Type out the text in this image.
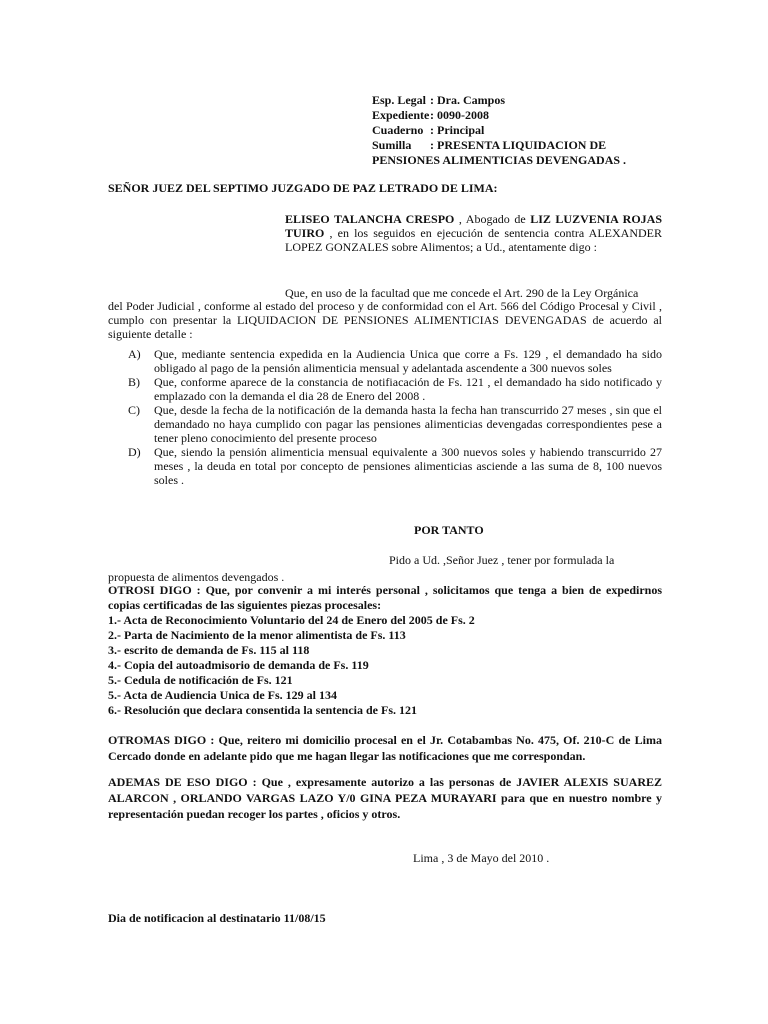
Esp. Legal : Dra. Campos
Expediente : 0090-2008
Cuaderno : Principal
Sumilla	: PRESENTA LIQUIDACION DE
PENSIONES ALIMENTICIAS DEVENGADAS .
SEÑOR JUEZ DEL SEPTIMO JUZGADO DE PAZ LETRADO DE LIMA:
ELISEO TALANCHA CRESPO , Abogado de LIZ LUZVENIA ROJAS TUIRO , en los seguidos en ejecución de sentencia contra ALEXANDER LOPEZ GONZALES sobre Alimentos; a Ud., atentamente digo :
Que, en uso de la facultad que me concede el Art. 290 de la Ley Orgánica
del Poder Judicial , conforme al estado del proceso y de conformidad con el Art. 566 del Código Procesal y Civil , cumplo con presentar la LIQUIDACION DE PENSIONES ALIMENTICIAS DEVENGADAS de acuerdo al siguiente detalle :
A) Que, mediante sentencia expedida en la Audiencia Unica que corre a Fs. 129 , el demandado ha sido obligado al pago de la pensión alimenticia mensual y adelantada ascendente a 300 nuevos soles
B) Que, conforme aparece de la constancia de notifiacación de Fs. 121 , el demandado ha sido notificado y emplazado con la demanda el dia 28 de Enero del 2008 .
C) Que, desde la fecha de la notificación de la demanda hasta la fecha han transcurrido 27 meses , sin que el demandado no haya cumplido con pagar las pensiones alimenticias devengadas correspondientes pese a tener pleno conocimiento del presente proceso
D) Que, siendo la pensión alimenticia mensual equivalente a 300 nuevos soles y habiendo transcurrido 27 meses , la deuda en total por concepto de pensiones alimenticias asciende a las suma de 8, 100 nuevos soles .
POR TANTO
Pido a Ud. ,Señor Juez , tener por formulada la
propuesta de alimentos devengados .
OTROSI DIGO : Que, por convenir a mi interés personal , solicitamos que tenga a bien de expedirnos copias certificadas de las siguientes piezas procesales:
1.- Acta de Reconocimiento Voluntario del 24 de Enero del 2005 de Fs. 2
2.- Parta de Nacimiento de la menor alimentista de Fs. 113
3.- escrito de demanda de Fs. 115 al 118
4.- Copia del autoadmisorio de demanda de Fs. 119
5.- Cedula de notificación de Fs. 121
5.- Acta de Audiencia Unica de Fs. 129 al 134
6.- Resolución que declara consentida la sentencia de Fs. 121
OTROMAS DIGO : Que, reitero mi domicilio procesal en el Jr. Cotabambas No. 475, Of. 210-C de Lima Cercado donde en adelante pido que me hagan llegar las notificaciones que me correspondan.
ADEMAS DE ESO DIGO : Que , expresamente autorizo a las personas de JAVIER ALEXIS SUAREZ ALARCON , ORLANDO VARGAS LAZO Y/0 GINA PEZA MURAYARI para que en nuestro nombre y representación puedan recoger los partes , oficios y otros.
Lima , 3 de Mayo del 2010 .
Dia de notificacion al destinatario 11/08/15
